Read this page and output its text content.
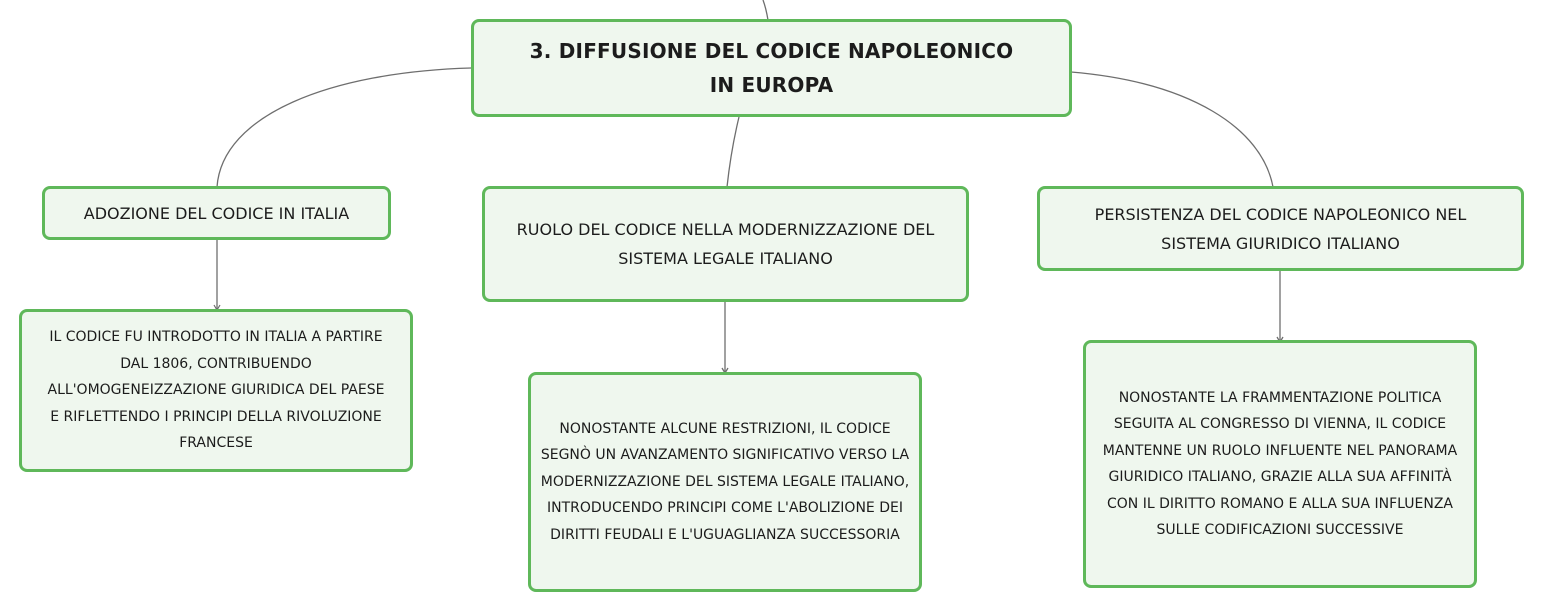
3. DIFFUSIONE DEL CODICE NAPOLEONICO IN EUROPA
ADOZIONE DEL CODICE IN ITALIA
RUOLO DEL CODICE NELLA MODERNIZZAZIONE DEL SISTEMA LEGALE ITALIANO
PERSISTENZA DEL CODICE NAPOLEONICO NEL SISTEMA GIURIDICO ITALIANO
IL CODICE FU INTRODOTTO IN ITALIA A PARTIRE DAL 1806, CONTRIBUENDO ALL'OMOGENEIZZAZIONE GIURIDICA DEL PAESE E RIFLETTENDO I PRINCIPI DELLA RIVOLUZIONE FRANCESE
NONOSTANTE ALCUNE RESTRIZIONI, IL CODICE SEGNÒ UN AVANZAMENTO SIGNIFICATIVO VERSO LA MODERNIZZAZIONE DEL SISTEMA LEGALE ITALIANO, INTRODUCENDO PRINCIPI COME L'ABOLIZIONE DEI DIRITTI FEUDALI E L'UGUAGLIANZA SUCCESSORIA
NONOSTANTE LA FRAMMENTAZIONE POLITICA SEGUITA AL CONGRESSO DI VIENNA, IL CODICE MANTENNE UN RUOLO INFLUENTE NEL PANORAMA GIURIDICO ITALIANO, GRAZIE ALLA SUA AFFINITÀ CON IL DIRITTO ROMANO E ALLA SUA INFLUENZA SULLE CODIFICAZIONI SUCCESSIVE
